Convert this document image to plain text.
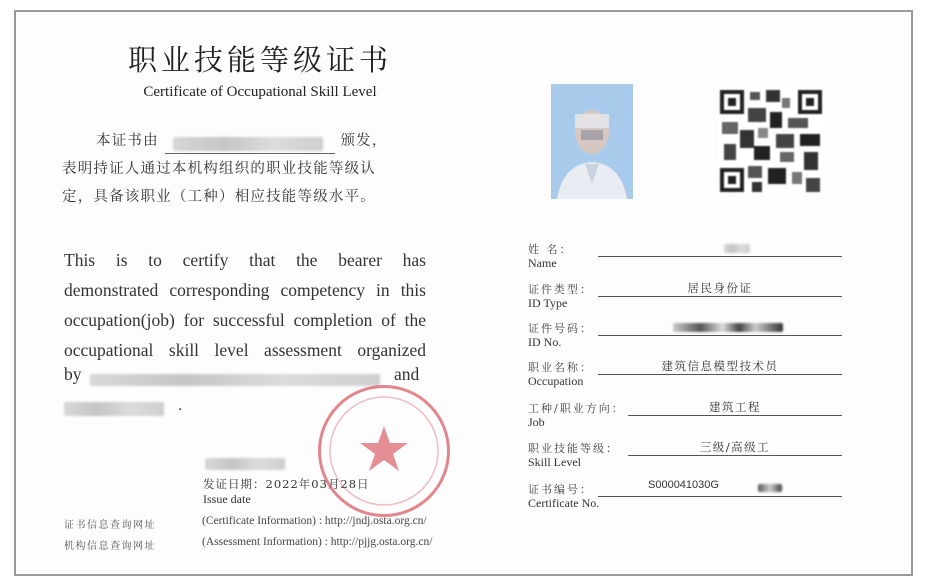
职业技能等级证书
Certificate of Occupational Skill Level
本证书由	颁发，
表明持证人通过本机构组织的职业技能等级认
定，具备该职业（工种）相应技能等级水平。
This is to certify that the bearer has
demonstrated corresponding competency in this
occupation(job) for successful completion of the
occupational skill level assessment organized
by	and
.
发证日期：2022年03月28日
Issue date
证书信息查询网址	(Certificate Information) : http://jndj.osta.org.cn/
机构信息查询网址	(Assessment Information) : http://pjjg.osta.org.cn/
姓 名：
Name
证件类型：
ID Type
居民身份证
证件号码：
ID No.
职业名称：
Occupation
建筑信息模型技术员
工种/职业方向：
Job
建筑工程
职业技能等级：
Skill Level
三级/高级工
证书编号：
Certificate No.
S000041030G
